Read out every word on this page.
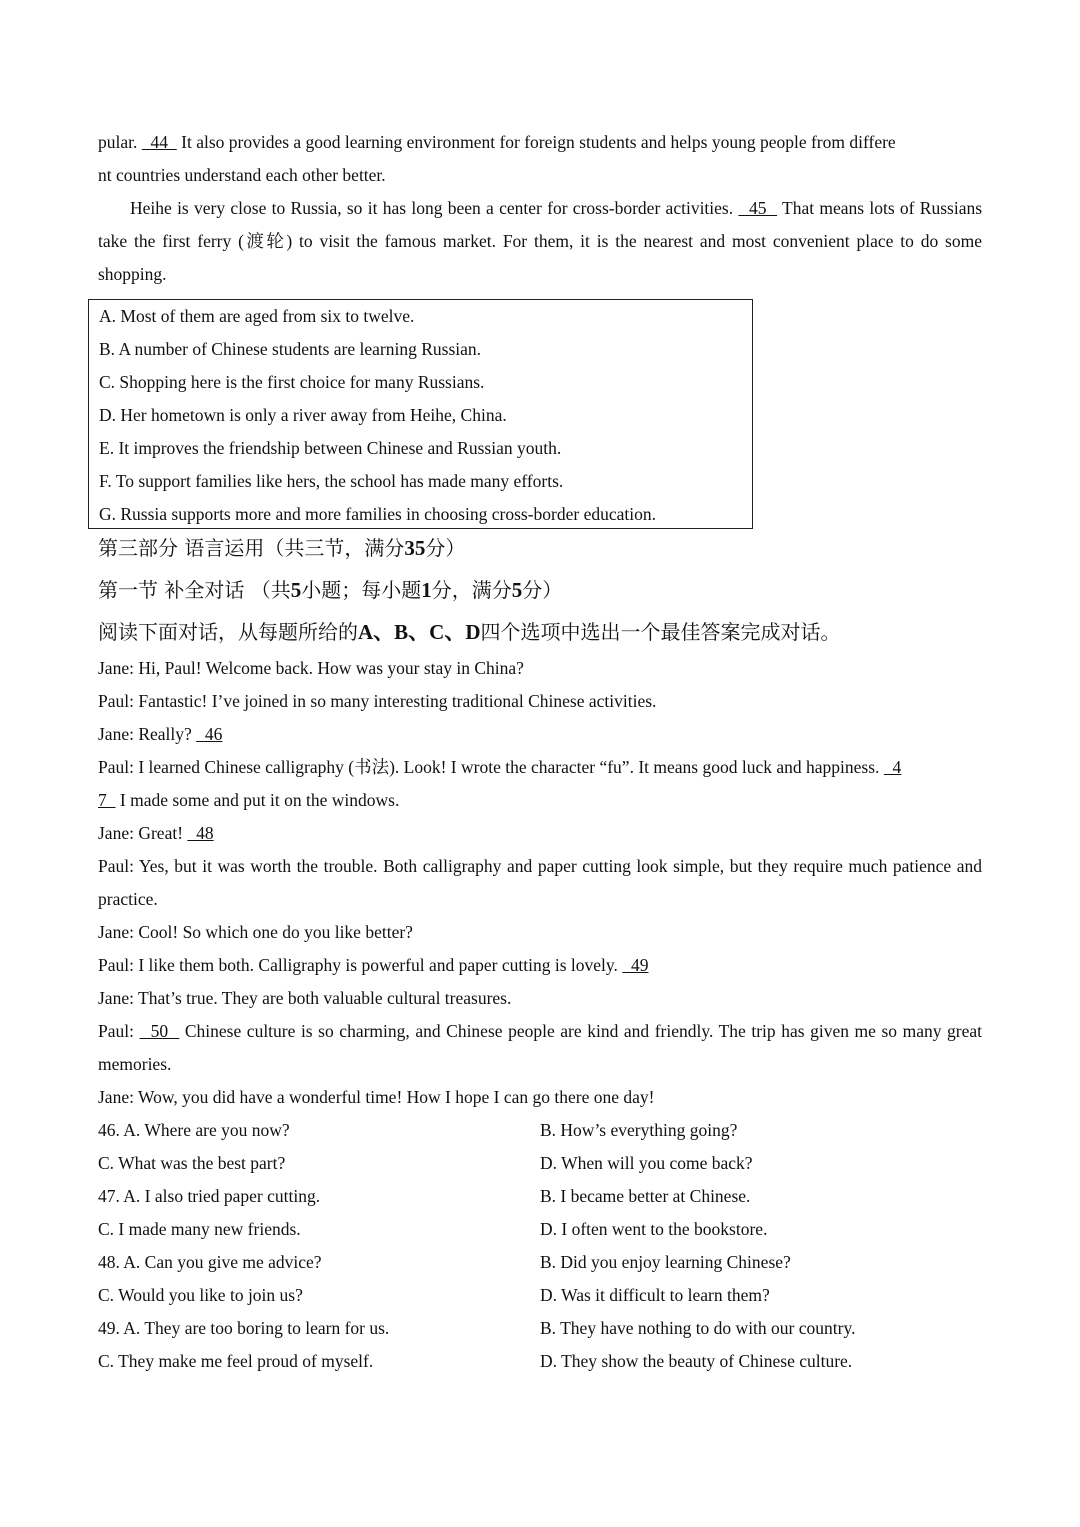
pular.   44   It also provides a good learning environment for foreign students and helps young people from differe
nt countries understand each other better.

Heihe is very close to Russia, so it has long been a center for cross-border activities.   45   That means lots of Russians take the first ferry (渡轮) to visit the famous market. For them, it is the nearest and most convenient place to do some shopping.

A. Most of them are aged from six to twelve.
B. A number of Chinese students are learning Russian.
C. Shopping here is the first choice for many Russians.
D. Her hometown is only a river away from Heihe, China.
E. It improves the friendship between Chinese and Russian youth.
F. To support families like hers, the school has made many efforts.
G. Russia supports more and more families in choosing cross-border education.
第三部分 语言运用（共三节，满分35分）
第一节 补全对话 （共5小题；每小题1分，满分5分）
阅读下面对话，从每题所给的A、B、C、D四个选项中选出一个最佳答案完成对话。

Jane: Hi, Paul! Welcome back. How was your stay in China?

Paul: Fantastic! I’ve joined in so many interesting traditional Chinese activities.

Jane: Really?   46

Paul: I learned Chinese calligraphy (书法). Look! I wrote the character “fu”. It means good luck and happiness.   4
7   I made some and put it on the windows.

Jane: Great!   48

Paul: Yes, but it was worth the trouble. Both calligraphy and paper cutting look simple, but they require much patience and practice.

Jane: Cool! So which one do you like better?

Paul: I like them both. Calligraphy is powerful and paper cutting is lovely.   49

Jane: That’s true. They are both valuable cultural treasures.

Paul:   50   Chinese culture is so charming, and Chinese people are kind and friendly. The trip has given me so many great memories.

Jane: Wow, you did have a wonderful time! How I hope I can go there one day!

46. A. Where are you now?	B. How’s everything going?
C. What was the best part?	D. When will you come back?
47. A. I also tried paper cutting.	B. I became better at Chinese.
C. I made many new friends.	D. I often went to the bookstore.
48. A. Can you give me advice?	B. Did you enjoy learning Chinese?
C. Would you like to join us?	D. Was it difficult to learn them?
49. A. They are too boring to learn for us.	B. They have nothing to do with our country.
C. They make me feel proud of myself.	D. They show the beauty of Chinese culture.
